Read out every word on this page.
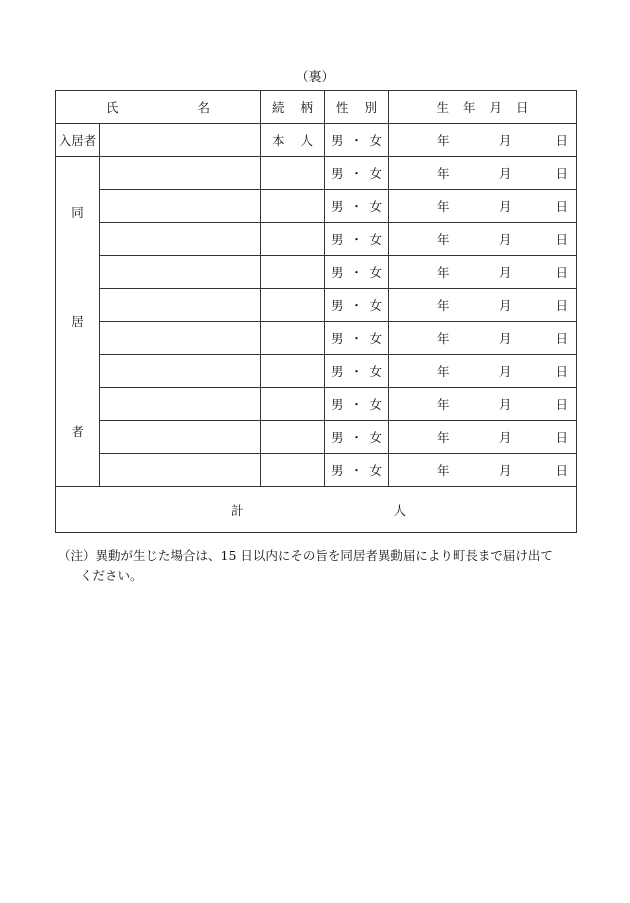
（裏）
氏 名		続 柄	性 別	生 年 月 日
入居者		本 人	男 ・ 女	年 月 日

同
居
者			男 ・ 女	年 月 日

			男 ・ 女	年 月 日

			男 ・ 女	年 月 日

			男 ・ 女	年 月 日

			男 ・ 女	年 月 日

			男 ・ 女	年 月 日

			男 ・ 女	年 月 日

			男 ・ 女	年 月 日

			男 ・ 女	年 月 日

			男 ・ 女	年 月 日

計 人				
（注）異動が生じた場合は、15 日以内にその旨を同居者異動届により町長まで届け出て
ください。
